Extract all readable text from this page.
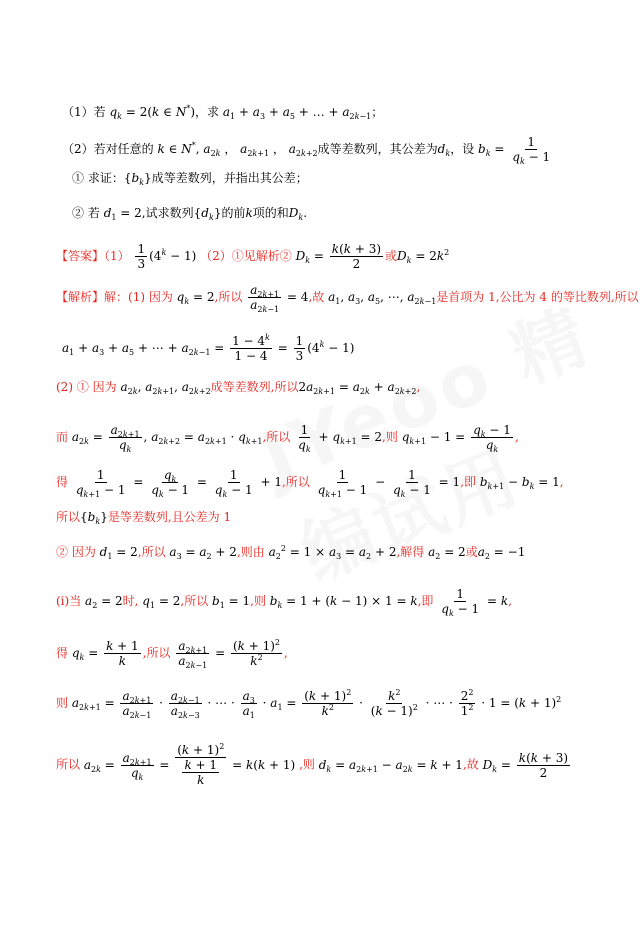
（1）若 $q_k = 2(k$ ∈ N*)，求 $a_1 + a_3 + a_5$ + … + $a_{2k-1}$；
（2）若对任意的 k ∈ N*, $a_{2k}$ ， $a_{2k+1}$ ， $a_{2k+2}$成等差数列，其公差为$d_k$，设 $b_k = \frac{1}{q_k - 1}$
① 求证：$\{b_k\}$成等差数列，并指出其公差；
② 若 $d_1 = 2$,试求数列$\{d_k\}$的前k项的和$D_k$.
【答案】$(1) \frac{1}{3} (4^k - 1)$ （2）①见解析② $D_k = \frac{k(k + 3)}{2}$ 或$D_k = 2k^2$
【解析】解：(1) 因为 $q_k = 2$,所以 $\frac{a_{2k+1}}{a_{2k-1}} = 4$,故 $a_1$, $a_3$, $a_5$, ⋯, $a_{2k-1}$是首项为 1,公比为 4 的等比数列,所以
$a_1 + a_3 + a_5$ + ⋯ + $a_{2k-1} = \frac{1 - 4^k}{1 - 4} = \frac{1}{3} (4^k - 1)$
(2) ① 因为 $a_{2k}$, $a_{2k+1}$, $a_{2k+2}$成等差数列,所以$2a_{2k+1} = a_{2k} + a_{2k+2}$,
而 $a_{2k} = \frac{a_{2k+1}}{q_k}$ , $a_{2k+2} = a_{2k+1} \cdot q_{k+1}$,所以 $\frac{1}{q_k} + q_{k+1} = 2$,则 $q_{k+1} - 1 = \frac{q_k - 1}{q_k}$ ,
得 $\frac{1}{q_{k+1} - 1} = \frac{q_k}{q_k - 1} = \frac{1}{q_k - 1} + 1$,所以 $\frac{1}{q_{k+1} - 1} - \frac{1}{q_k - 1} = 1$,即 $b_{k+1} - b_k = 1$,
所以$\{b_k\}$是等差数列,且公差为 1
② 因为 $d_1 = 2$,所以 $a_3 = a_2 + 2$,则由 $a_2^2 = 1 \times a_3 = a_2 + 2$,解得 $a_2 = 2$或$a_2 = -1$
(i)当 $a_2 = 2$时, $q_1 = 2$,所以 $b_1 = 1$,则 $b_k = 1 + (k - 1) \times 1 = k$,即 $\frac{1}{q_k - 1} = k$,
得 $q_k = \frac{k + 1}{k}$ ,所以 $\frac{a_{2k+1}}{a_{2k-1}} = \frac{(k + 1)^2}{k^2}$ ,
则 $a_{2k+1} = \frac{a_{2k+1}}{a_{2k-1}} \cdot \frac{a_{2k-1}}{a_{2k-3}}$ · ⋯ · $\frac{a_3}{a_1} \cdot a_1 = \frac{(k + 1)^2}{k^2} \cdot \frac{k^2}{(k - 1)^2}$ · ⋯ · $\frac{2^2}{1^2} \cdot 1 = (k + 1)^2$
所以 $a_{2k} = \frac{a_{2k+1}}{q_k} = \frac{(k + 1)^2}{\frac{k + 1}{k}} = k(k + 1)$ ,则 $d_k = a_{2k+1} - a_{2k} = k + 1$,故 $D_k = \frac{k(k + 3)}{2}$
